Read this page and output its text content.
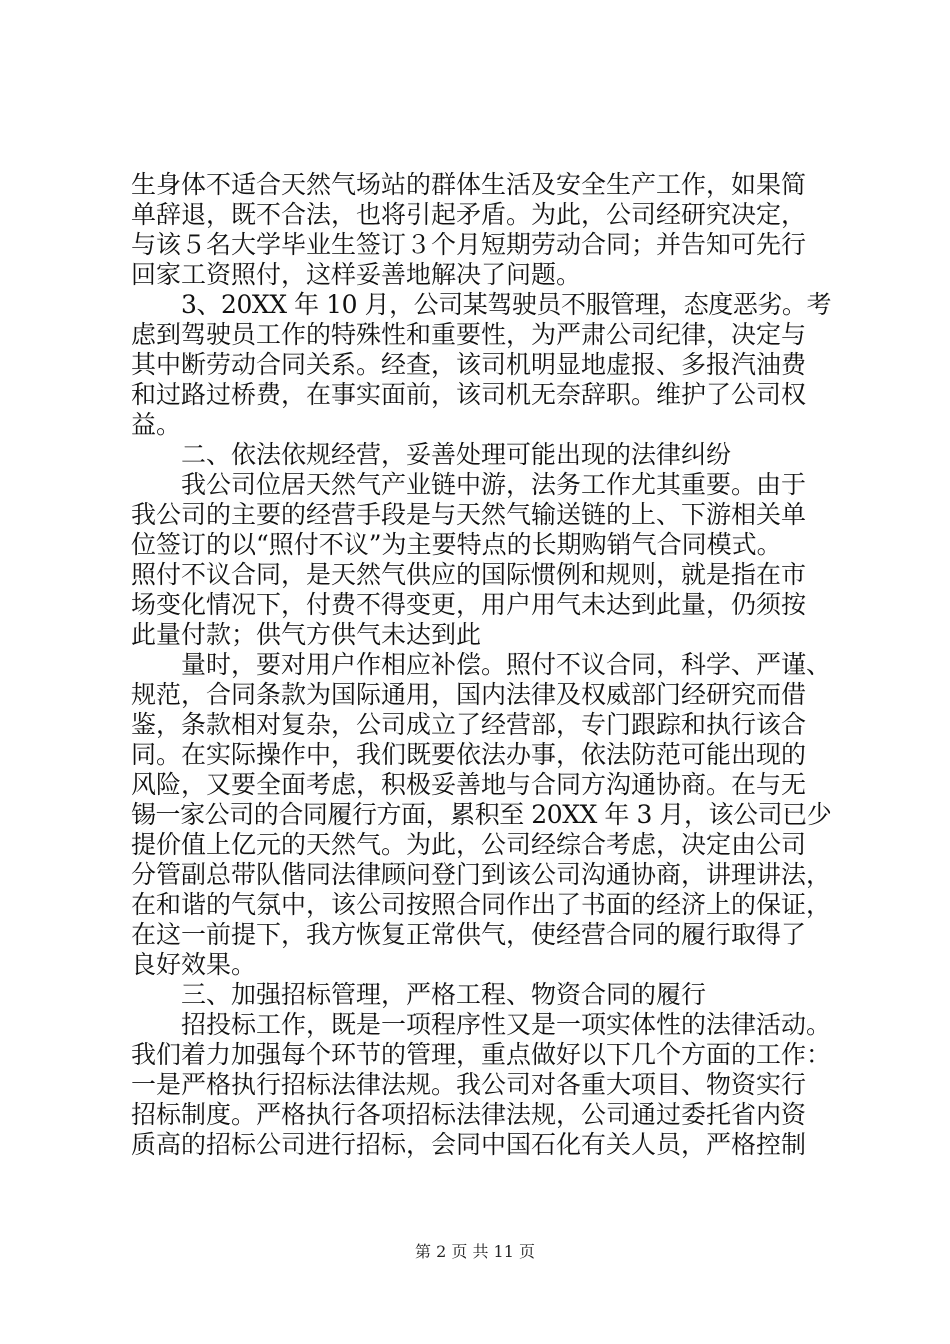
生身体不适合天然气场站的群体生活及安全生产工作，如果简
单辞退，既不合法，也将引起矛盾。为此，公司经研究决定，
与该５名大学毕业生签订３个月短期劳动合同；并告知可先行
回家工资照付，这样妥善地解决了问题。
3、20XX 年 10 月，公司某驾驶员不服管理，态度恶劣。考
虑到驾驶员工作的特殊性和重要性，为严肃公司纪律，决定与
其中断劳动合同关系。经查，该司机明显地虚报、多报汽油费
和过路过桥费，在事实面前，该司机无奈辞职。维护了公司权
益。
二、依法依规经营，妥善处理可能出现的法律纠纷
我公司位居天然气产业链中游，法务工作尤其重要。由于
我公司的主要的经营手段是与天然气输送链的上、下游相关单
位签订的以“照付不议”为主要特点的长期购销气合同模式。
照付不议合同，是天然气供应的国际惯例和规则，就是指在市
场变化情况下，付费不得变更，用户用气未达到此量，仍须按
此量付款；供气方供气未达到此
量时，要对用户作相应补偿。照付不议合同，科学、严谨、
规范，合同条款为国际通用，国内法律及权威部门经研究而借
鉴，条款相对复杂，公司成立了经营部，专门跟踪和执行该合
同。在实际操作中，我们既要依法办事，依法防范可能出现的
风险，又要全面考虑，积极妥善地与合同方沟通协商。在与无
锡一家公司的合同履行方面，累积至 20XX 年 3 月，该公司已少
提价值上亿元的天然气。为此，公司经综合考虑，决定由公司
分管副总带队偕同法律顾问登门到该公司沟通协商，讲理讲法，
在和谐的气氛中，该公司按照合同作出了书面的经济上的保证，
在这一前提下，我方恢复正常供气，使经营合同的履行取得了
良好效果。
三、加强招标管理，严格工程、物资合同的履行
招投标工作，既是一项程序性又是一项实体性的法律活动。
我们着力加强每个环节的管理，重点做好以下几个方面的工作：
一是严格执行招标法律法规。我公司对各重大项目、物资实行
招标制度。严格执行各项招标法律法规，公司通过委托省内资
质高的招标公司进行招标，会同中国石化有关人员，严格控制
第 2 页 共 11 页
